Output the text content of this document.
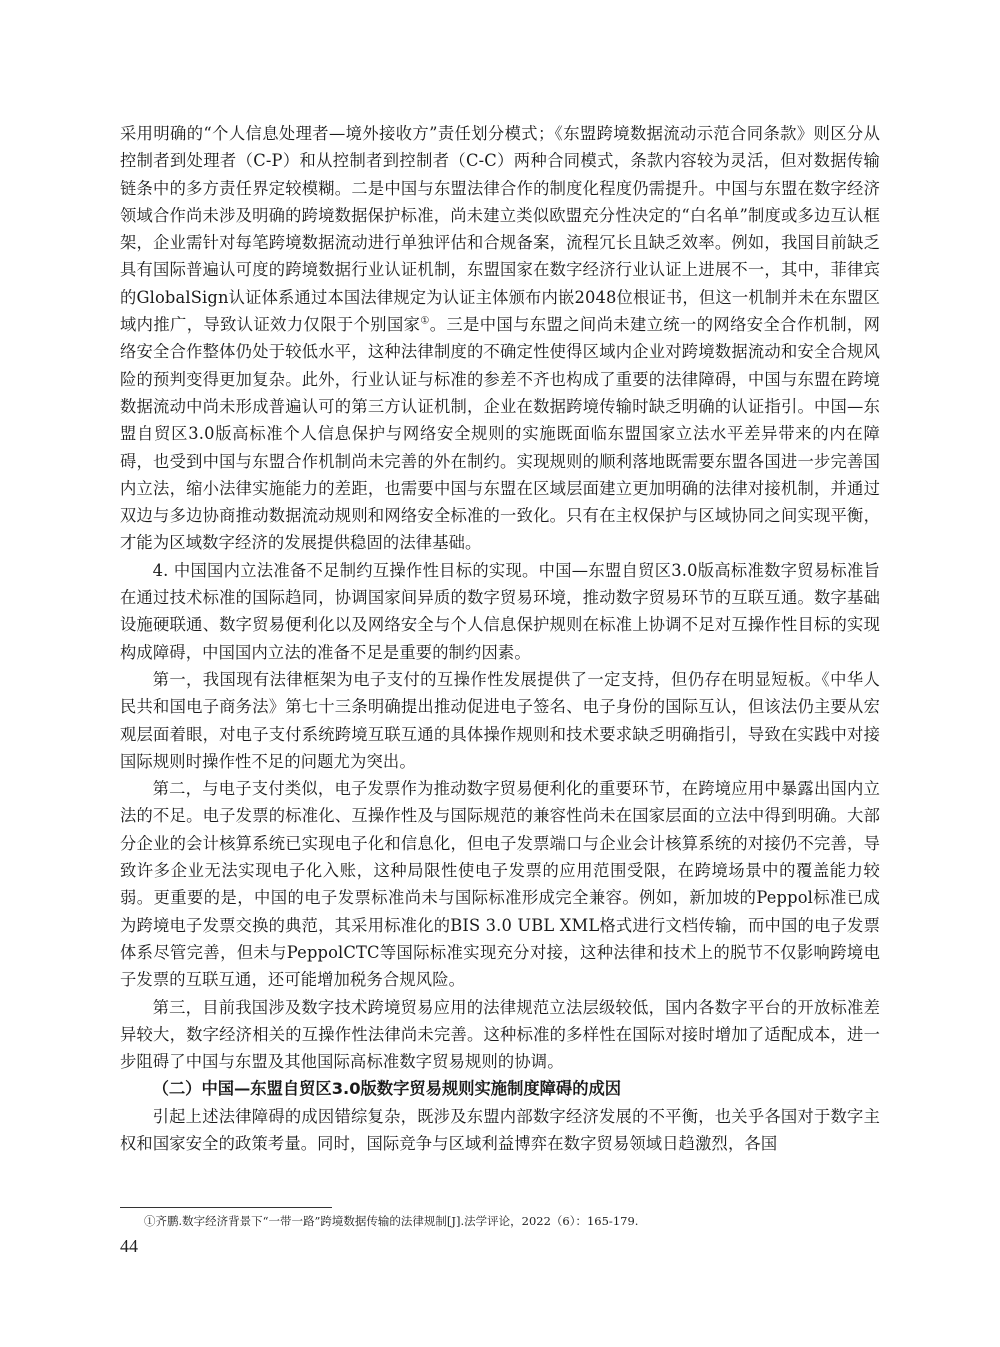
采用明确的“个人信息处理者—境外接收方”责任划分模式；《东盟跨境数据流动示范合同条款》则区分从控制者到处理者（C-P）和从控制者到控制者（C-C）两种合同模式，条款内容较为灵活，但对数据传输链条中的多方责任界定较模糊。二是中国与东盟法律合作的制度化程度仍需提升。中国与东盟在数字经济领域合作尚未涉及明确的跨境数据保护标准，尚未建立类似欧盟充分性决定的“白名单”制度或多边互认框架，企业需针对每笔跨境数据流动进行单独评估和合规备案，流程冗长且缺乏效率。例如，我国目前缺乏具有国际普遍认可度的跨境数据行业认证机制，东盟国家在数字经济行业认证上进展不一，其中，菲律宾的GlobalSign认证体系通过本国法律规定为认证主体颁布内嵌2048位根证书，但这一机制并未在东盟区域内推广，导致认证效力仅限于个别国家①。三是中国与东盟之间尚未建立统一的网络安全合作机制，网络安全合作整体仍处于较低水平，这种法律制度的不确定性使得区域内企业对跨境数据流动和安全合规风险的预判变得更加复杂。此外，行业认证与标准的参差不齐也构成了重要的法律障碍，中国与东盟在跨境数据流动中尚未形成普遍认可的第三方认证机制，企业在数据跨境传输时缺乏明确的认证指引。中国—东盟自贸区3.0版高标准个人信息保护与网络安全规则的实施既面临东盟国家立法水平差异带来的内在障碍，也受到中国与东盟合作机制尚未完善的外在制约。实现规则的顺利落地既需要东盟各国进一步完善国内立法，缩小法律实施能力的差距，也需要中国与东盟在区域层面建立更加明确的法律对接机制，并通过双边与多边协商推动数据流动规则和网络安全标准的一致化。只有在主权保护与区域协同之间实现平衡，才能为区域数字经济的发展提供稳固的法律基础。

4. 中国国内立法准备不足制约互操作性目标的实现。中国—东盟自贸区3.0版高标准数字贸易标准旨在通过技术标准的国际趋同，协调国家间异质的数字贸易环境，推动数字贸易环节的互联互通。数字基础设施硬联通、数字贸易便利化以及网络安全与个人信息保护规则在标准上协调不足对互操作性目标的实现构成障碍，中国国内立法的准备不足是重要的制约因素。

第一，我国现有法律框架为电子支付的互操作性发展提供了一定支持，但仍存在明显短板。《中华人民共和国电子商务法》第七十三条明确提出推动促进电子签名、电子身份的国际互认，但该法仍主要从宏观层面着眼，对电子支付系统跨境互联互通的具体操作规则和技术要求缺乏明确指引，导致在实践中对接国际规则时操作性不足的问题尤为突出。

第二，与电子支付类似，电子发票作为推动数字贸易便利化的重要环节，在跨境应用中暴露出国内立法的不足。电子发票的标准化、互操作性及与国际规范的兼容性尚未在国家层面的立法中得到明确。大部分企业的会计核算系统已实现电子化和信息化，但电子发票端口与企业会计核算系统的对接仍不完善，导致许多企业无法实现电子化入账，这种局限性使电子发票的应用范围受限，在跨境场景中的覆盖能力较弱。更重要的是，中国的电子发票标准尚未与国际标准形成完全兼容。例如，新加坡的Peppol标准已成为跨境电子发票交换的典范，其采用标准化的BIS 3.0 UBL XML格式进行文档传输，而中国的电子发票体系尽管完善，但未与PeppolCTC等国际标准实现充分对接，这种法律和技术上的脱节不仅影响跨境电子发票的互联互通，还可能增加税务合规风险。

第三，目前我国涉及数字技术跨境贸易应用的法律规范立法层级较低，国内各数字平台的开放标准差异较大，数字经济相关的互操作性法律尚未完善。这种标准的多样性在国际对接时增加了适配成本，进一步阻碍了中国与东盟及其他国际高标准数字贸易规则的协调。

（二）中国—东盟自贸区3.0版数字贸易规则实施制度障碍的成因

引起上述法律障碍的成因错综复杂，既涉及东盟内部数字经济发展的不平衡，也关乎各国对于数字主权和国家安全的政策考量。同时，国际竞争与区域利益博弈在数字贸易领域日趋激烈，各国

①齐鹏.数字经济背景下“一带一路”跨境数据传输的法律规制[J].法学评论，2022（6）：165-179.
44
